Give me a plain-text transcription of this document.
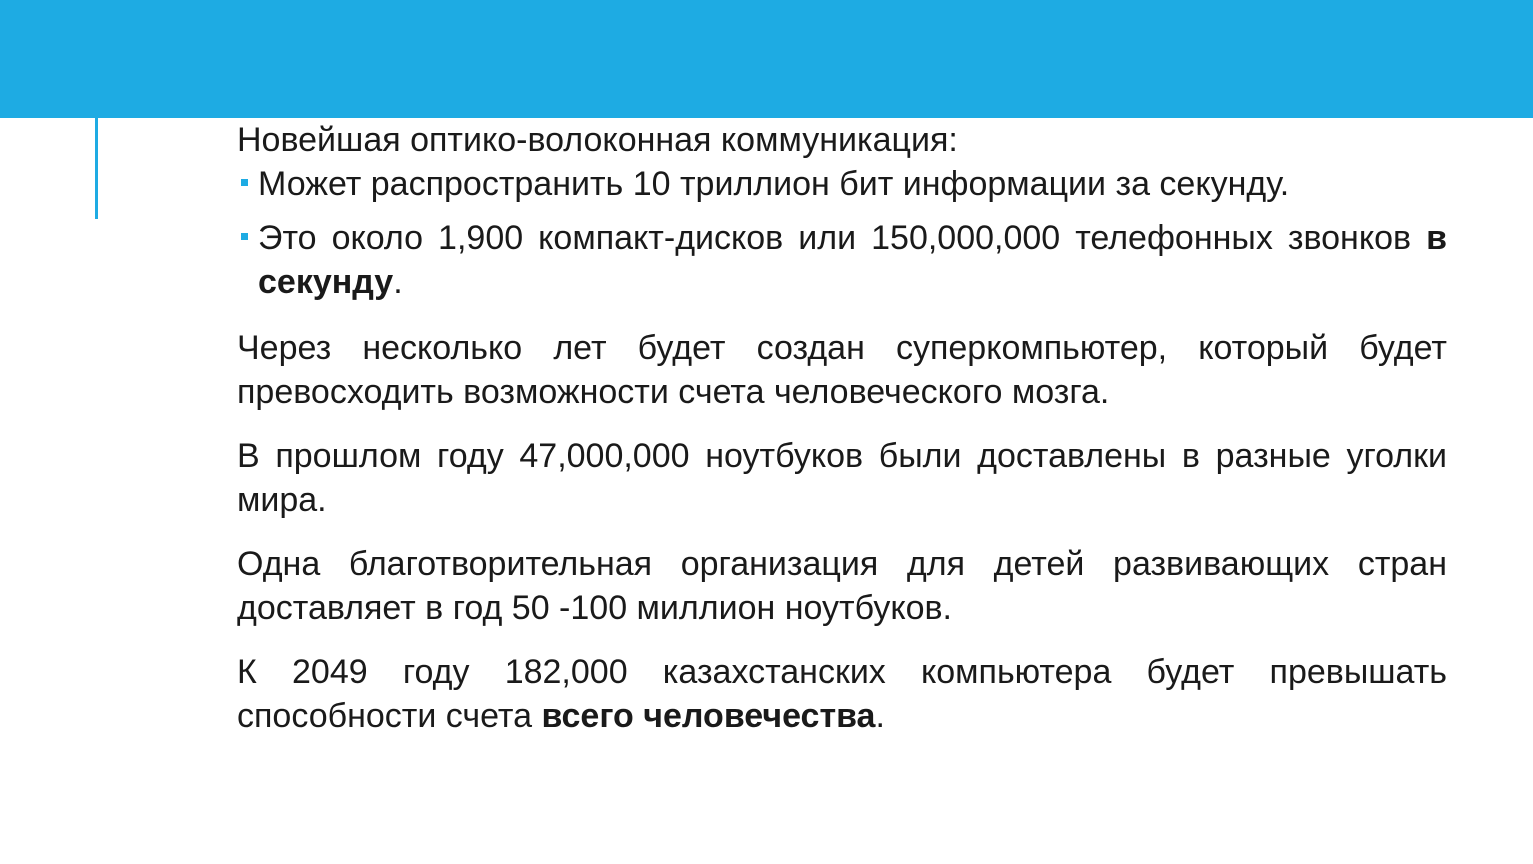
Новейшая оптико-волоконная коммуникация:

Может распространить 10 триллион бит информации за секунду.
Это около 1,900 компакт-дисков или 150,000,000 телефонных звонков в секунду.

Через несколько лет будет создан суперкомпьютер, который будет превосходить возможности счета человеческого мозга.

В прошлом году 47,000,000 ноутбуков были доставлены в разные уголки мира.

Одна благотворительная организация для детей развивающих стран доставляет в год 50 -100 миллион ноутбуков.

К 2049 году 182,000 казахстанских компьютера будет превышать способности счета всего человечества.
